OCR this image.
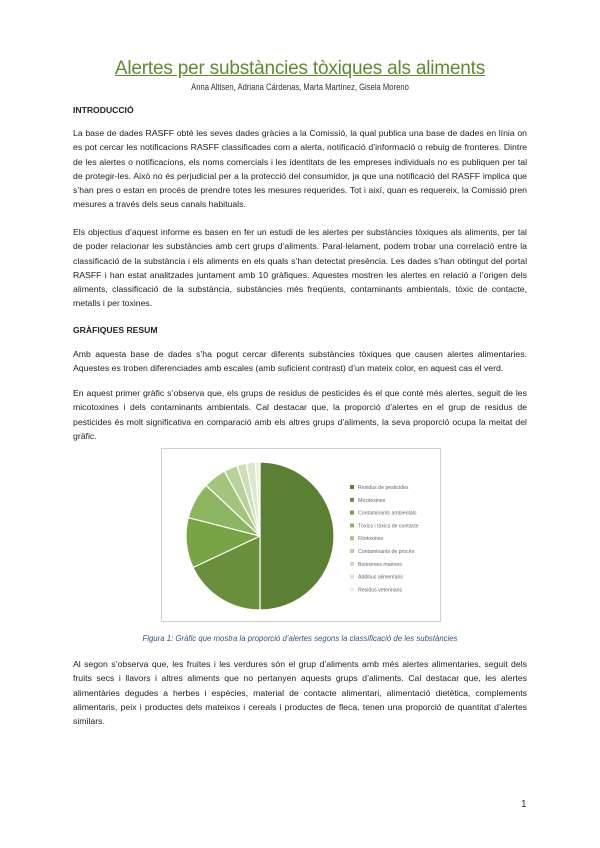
Alertes per substàncies tòxiques als aliments
Anna Altisen, Adriana Cárdenas, Marta Martínez, Gisela Moreno
INTRODUCCIÓ
La base de dades RASFF obté les seves dades gràcies a la Comissió, la qual publica una base de dades en línia on es pot cercar les notificacions RASFF classificades com a alerta, notificació d’informació o rebuig de fronteres. Dintre de les alertes o notificacions, els noms comercials i les identitats de les empreses individuals no es publiquen per tal de protegir-les. Això no és perjudicial per a la protecció del consumidor, ja que una notificació del RASFF implica que s’han pres o estan en procés de prendre totes les mesures requerides. Tot i així, quan es requereix, la Comissió pren mesures a través dels seus canals habituals.
Els objectius d’aquest informe es basen en fer un estudi de les alertes per substàncies tòxiques als aliments, per tal de poder relacionar les substàncies amb cert grups d’aliments. Paral·lelament, podem trobar una correlació entre la classificació de la substància i els aliments en els quals s’han detectat presència. Les dades s’han obtingut del portal RASFF i han estat analitzades juntament amb 10 gràfiques. Aquestes mostren les alertes en relació a l’origen dels aliments, classificació de la substància, substàncies més freqüents, contaminants ambientals, tòxic de contacte, metalls i per toxines.
GRÀFIQUES RESUM
Amb aquesta base de dades s’ha pogut cercar diferents substàncies tòxiques que causen alertes alimentaries. Aquestes es troben diferenciades amb escales (amb suficient contrast) d’un mateix color, en aquest cas el verd.
En aquest primer gràfic s’observa que, els grups de residus de pesticides és el que conté més alertes, seguit de les micotoxines i dels contaminants ambientals. Cal destacar que, la proporció d’alertes en el grup de residus de pesticides és molt significativa en comparació amb els altres grups d’aliments, la seva proporció ocupa la meitat del gràfic.
Residus de pesticides
Micotoxines
Contaminants ambientals
Tòxics i tòxics de contacte
Fitotoxines
Contaminants de procés
Biotoxines marines
Additius alimentaris
Residus veterinaris
Figura 1: Gràfic que mostra la proporció d’alertes segons la classificació de les substàncies
Al segon s’observa que, les fruites i les verdures són el grup d’aliments amb més alertes alimentaries, seguit dels fruits secs i llavors i altres aliments que no pertanyen aquests grups d’aliments. Cal destacar que, les alertes alimentàries degudes a herbes i espècies, material de contacte alimentari, alimentació dietètica, complements alimentaris, peix i productes dels mateixos i cereals i productes de fleca, tenen una proporció de quantitat d’alertes similars.
1
